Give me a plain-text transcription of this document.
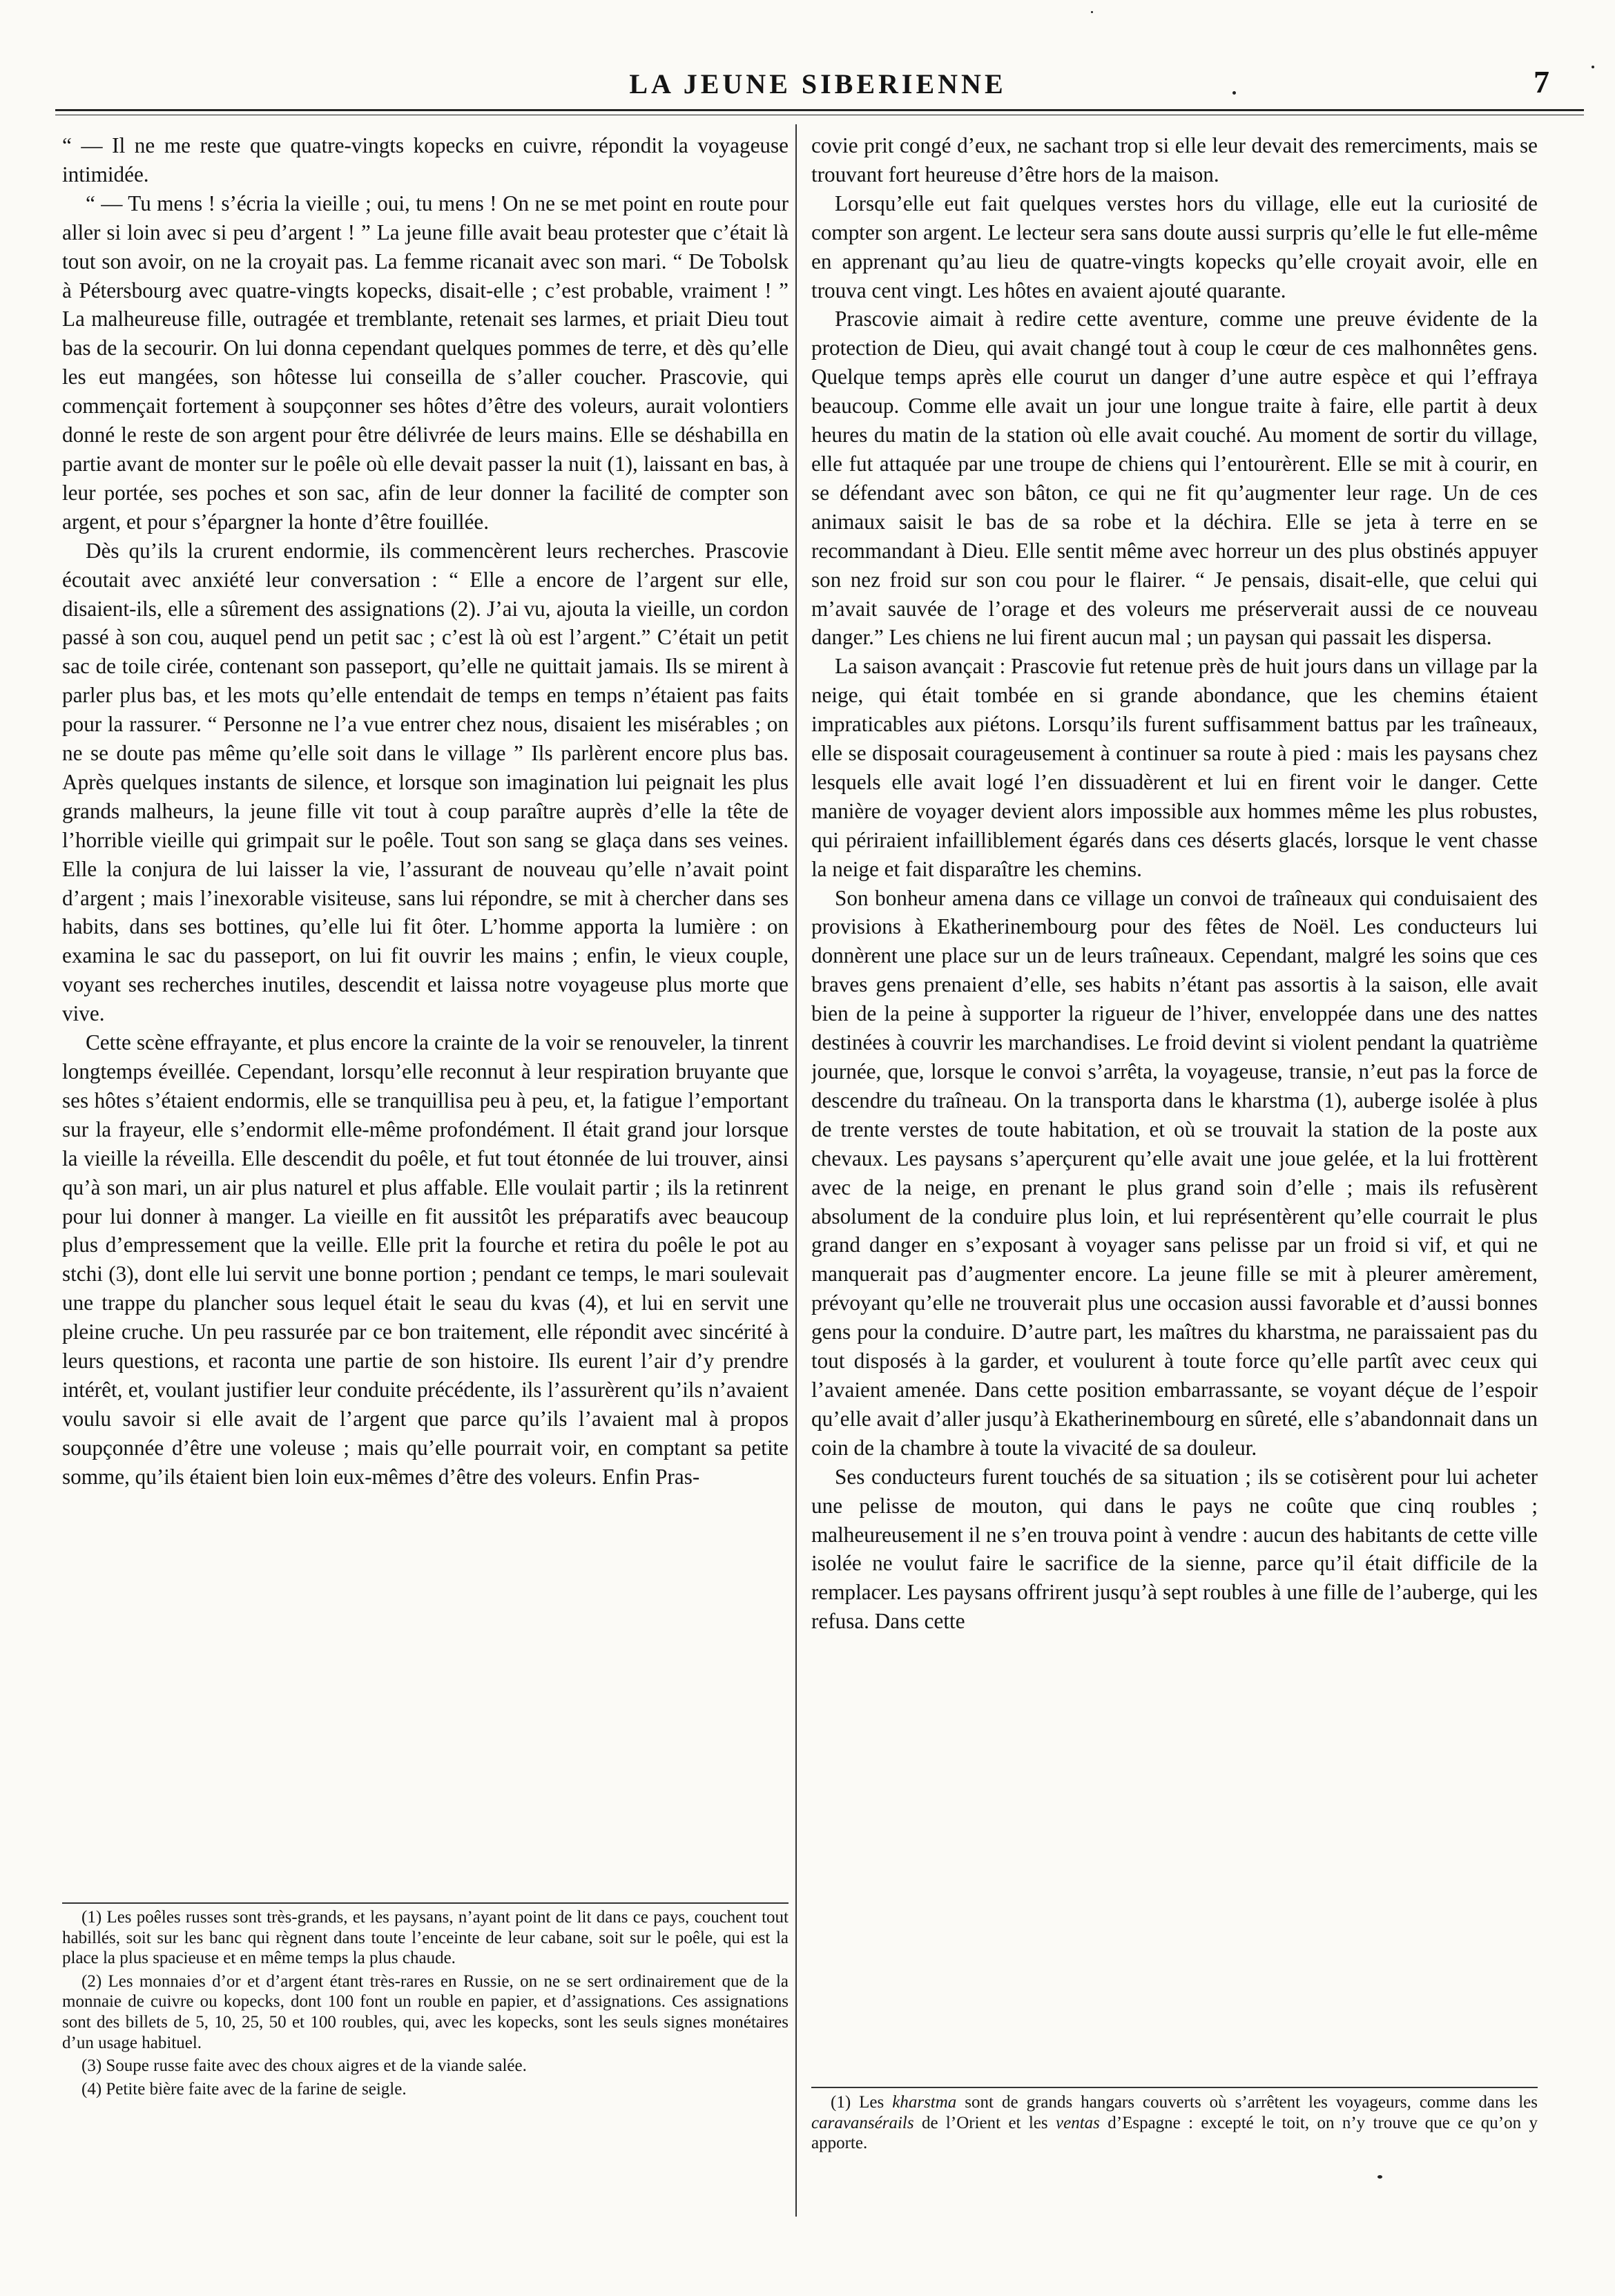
LA JEUNE SIBERIENNE	7

“ — Il ne me reste que quatre-vingts kopecks en cuivre, répondit la voyageuse intimidée.

“ — Tu mens ! s’écria la vieille ; oui, tu mens ! On ne se met point en route pour aller si loin avec si peu d’argent ! ” La jeune fille avait beau protester que c’était là tout son avoir, on ne la croyait pas. La femme ricanait avec son mari. “ De Tobolsk à Pétersbourg avec quatre-vingts kopecks, disait-elle ; c’est probable, vraiment ! ” La malheureuse fille, outragée et tremblante, retenait ses larmes, et priait Dieu tout bas de la secourir. On lui donna cependant quelques pommes de terre, et dès qu’elle les eut mangées, son hôtesse lui conseilla de s’aller coucher. Prascovie, qui commençait fortement à soupçonner ses hôtes d’être des voleurs, aurait volontiers donné le reste de son argent pour être délivrée de leurs mains. Elle se déshabilla en partie avant de monter sur le poêle où elle devait passer la nuit (1), laissant en bas, à leur portée, ses poches et son sac, afin de leur donner la facilité de compter son argent, et pour s’épargner la honte d’être fouillée.

Dès qu’ils la crurent endormie, ils commencèrent leurs recherches. Prascovie écoutait avec anxiété leur conversation : “ Elle a encore de l’argent sur elle, disaient-ils, elle a sûrement des assignations (2). J’ai vu, ajouta la vieille, un cordon passé à son cou, auquel pend un petit sac ; c’est là où est l’argent.” C’était un petit sac de toile cirée, contenant son passeport, qu’elle ne quittait jamais. Ils se mirent à parler plus bas, et les mots qu’elle entendait de temps en temps n’étaient pas faits pour la rassurer. “ Personne ne l’a vue entrer chez nous, disaient les misérables ; on ne se doute pas même qu’elle soit dans le village ” Ils parlèrent encore plus bas. Après quelques instants de silence, et lorsque son imagination lui peignait les plus grands malheurs, la jeune fille vit tout à coup paraître auprès d’elle la tête de l’horrible vieille qui grimpait sur le poêle. Tout son sang se glaça dans ses veines. Elle la conjura de lui laisser la vie, l’assurant de nouveau qu’elle n’avait point d’argent ; mais l’inexorable visiteuse, sans lui répondre, se mit à chercher dans ses habits, dans ses bottines, qu’elle lui fit ôter. L’homme apporta la lumière : on examina le sac du passeport, on lui fit ouvrir les mains ; enfin, le vieux couple, voyant ses recherches inutiles, descendit et laissa notre voyageuse plus morte que vive.

Cette scène effrayante, et plus encore la crainte de la voir se renouveler, la tinrent longtemps éveillée. Cependant, lorsqu’elle reconnut à leur respiration bruyante que ses hôtes s’étaient endormis, elle se tranquillisa peu à peu, et, la fatigue l’emportant sur la frayeur, elle s’endormit elle-même profondément. Il était grand jour lorsque la vieille la réveilla. Elle descendit du poêle, et fut tout étonnée de lui trouver, ainsi qu’à son mari, un air plus naturel et plus affable. Elle voulait partir ; ils la retinrent pour lui donner à manger. La vieille en fit aussitôt les préparatifs avec beaucoup plus d’empressement que la veille. Elle prit la fourche et retira du poêle le pot au stchi (3), dont elle lui servit une bonne portion ; pendant ce temps, le mari soulevait une trappe du plancher sous lequel était le seau du kvas (4), et lui en servit une pleine cruche. Un peu rassurée par ce bon traitement, elle répondit avec sincérité à leurs questions, et raconta une partie de son histoire. Ils eurent l’air d’y prendre intérêt, et, voulant justifier leur conduite précédente, ils l’assurèrent qu’ils n’avaient voulu savoir si elle avait de l’argent que parce qu’ils l’avaient mal à propos soupçonnée d’être une voleuse ; mais qu’elle pourrait voir, en comptant sa petite somme, qu’ils étaient bien loin eux-mêmes d’être des voleurs. Enfin Pras-

(1) Les poêles russes sont très-grands, et les paysans, n’ayant point de lit dans ce pays, couchent tout habillés, soit sur les banc qui règnent dans toute l’enceinte de leur cabane, soit sur le poêle, qui est la place la plus spacieuse et en même temps la plus chaude.

(2) Les monnaies d’or et d’argent étant très-rares en Russie, on ne se sert ordinairement que de la monnaie de cuivre ou kopecks, dont 100 font un rouble en papier, et d’assignations. Ces assignations sont des billets de 5, 10, 25, 50 et 100 roubles, qui, avec les kopecks, sont les seuls signes monétaires d’un usage habituel.

(3) Soupe russe faite avec des choux aigres et de la viande salée.

(4) Petite bière faite avec de la farine de seigle.

covie prit congé d’eux, ne sachant trop si elle leur devait des remerciments, mais se trouvant fort heureuse d’être hors de la maison.

Lorsqu’elle eut fait quelques verstes hors du village, elle eut la curiosité de compter son argent. Le lecteur sera sans doute aussi surpris qu’elle le fut elle-même en apprenant qu’au lieu de quatre-vingts kopecks qu’elle croyait avoir, elle en trouva cent vingt. Les hôtes en avaient ajouté quarante.

Prascovie aimait à redire cette aventure, comme une preuve évidente de la protection de Dieu, qui avait changé tout à coup le cœur de ces malhonnêtes gens. Quelque temps après elle courut un danger d’une autre espèce et qui l’effraya beaucoup. Comme elle avait un jour une longue traite à faire, elle partit à deux heures du matin de la station où elle avait couché. Au moment de sortir du village, elle fut attaquée par une troupe de chiens qui l’entourèrent. Elle se mit à courir, en se défendant avec son bâton, ce qui ne fit qu’augmenter leur rage. Un de ces animaux saisit le bas de sa robe et la déchira. Elle se jeta à terre en se recommandant à Dieu. Elle sentit même avec horreur un des plus obstinés appuyer son nez froid sur son cou pour le flairer. “ Je pensais, disait-elle, que celui qui m’avait sauvée de l’orage et des voleurs me préserverait aussi de ce nouveau danger.” Les chiens ne lui firent aucun mal ; un paysan qui passait les dispersa.

La saison avançait : Prascovie fut retenue près de huit jours dans un village par la neige, qui était tombée en si grande abondance, que les chemins étaient impraticables aux piétons. Lorsqu’ils furent suffisamment battus par les traîneaux, elle se disposait courageusement à continuer sa route à pied : mais les paysans chez lesquels elle avait logé l’en dissuadèrent et lui en firent voir le danger. Cette manière de voyager devient alors impossible aux hommes même les plus robustes, qui périraient infailliblement égarés dans ces déserts glacés, lorsque le vent chasse la neige et fait disparaître les chemins.

Son bonheur amena dans ce village un convoi de traîneaux qui conduisaient des provisions à Ekatherinembourg pour des fêtes de Noël. Les conducteurs lui donnèrent une place sur un de leurs traîneaux. Cependant, malgré les soins que ces braves gens prenaient d’elle, ses habits n’étant pas assortis à la saison, elle avait bien de la peine à supporter la rigueur de l’hiver, enveloppée dans une des nattes destinées à couvrir les marchandises. Le froid devint si violent pendant la quatrième journée, que, lorsque le convoi s’arrêta, la voyageuse, transie, n’eut pas la force de descendre du traîneau. On la transporta dans le kharstma (1), auberge isolée à plus de trente verstes de toute habitation, et où se trouvait la station de la poste aux chevaux. Les paysans s’aperçurent qu’elle avait une joue gelée, et la lui frottèrent avec de la neige, en prenant le plus grand soin d’elle ; mais ils refusèrent absolument de la conduire plus loin, et lui représentèrent qu’elle courrait le plus grand danger en s’exposant à voyager sans pelisse par un froid si vif, et qui ne manquerait pas d’augmenter encore. La jeune fille se mit à pleurer amèrement, prévoyant qu’elle ne trouverait plus une occasion aussi favorable et d’aussi bonnes gens pour la conduire. D’autre part, les maîtres du kharstma, ne paraissaient pas du tout disposés à la garder, et voulurent à toute force qu’elle partît avec ceux qui l’avaient amenée. Dans cette position embarrassante, se voyant déçue de l’espoir qu’elle avait d’aller jusqu’à Ekatherinembourg en sûreté, elle s’abandonnait dans un coin de la chambre à toute la vivacité de sa douleur.

Ses conducteurs furent touchés de sa situation ; ils se cotisèrent pour lui acheter une pelisse de mouton, qui dans le pays ne coûte que cinq roubles ; malheureusement il ne s’en trouva point à vendre : aucun des habitants de cette ville isolée ne voulut faire le sacrifice de la sienne, parce qu’il était difficile de la remplacer. Les paysans offrirent jusqu’à sept roubles à une fille de l’auberge, qui les refusa. Dans cette

(1) Les kharstma sont de grands hangars couverts où s’arrêtent les voyageurs, comme dans les caravansérails de l’Orient et les ventas d’Espagne : excepté le toit, on n’y trouve que ce qu’on y apporte.
